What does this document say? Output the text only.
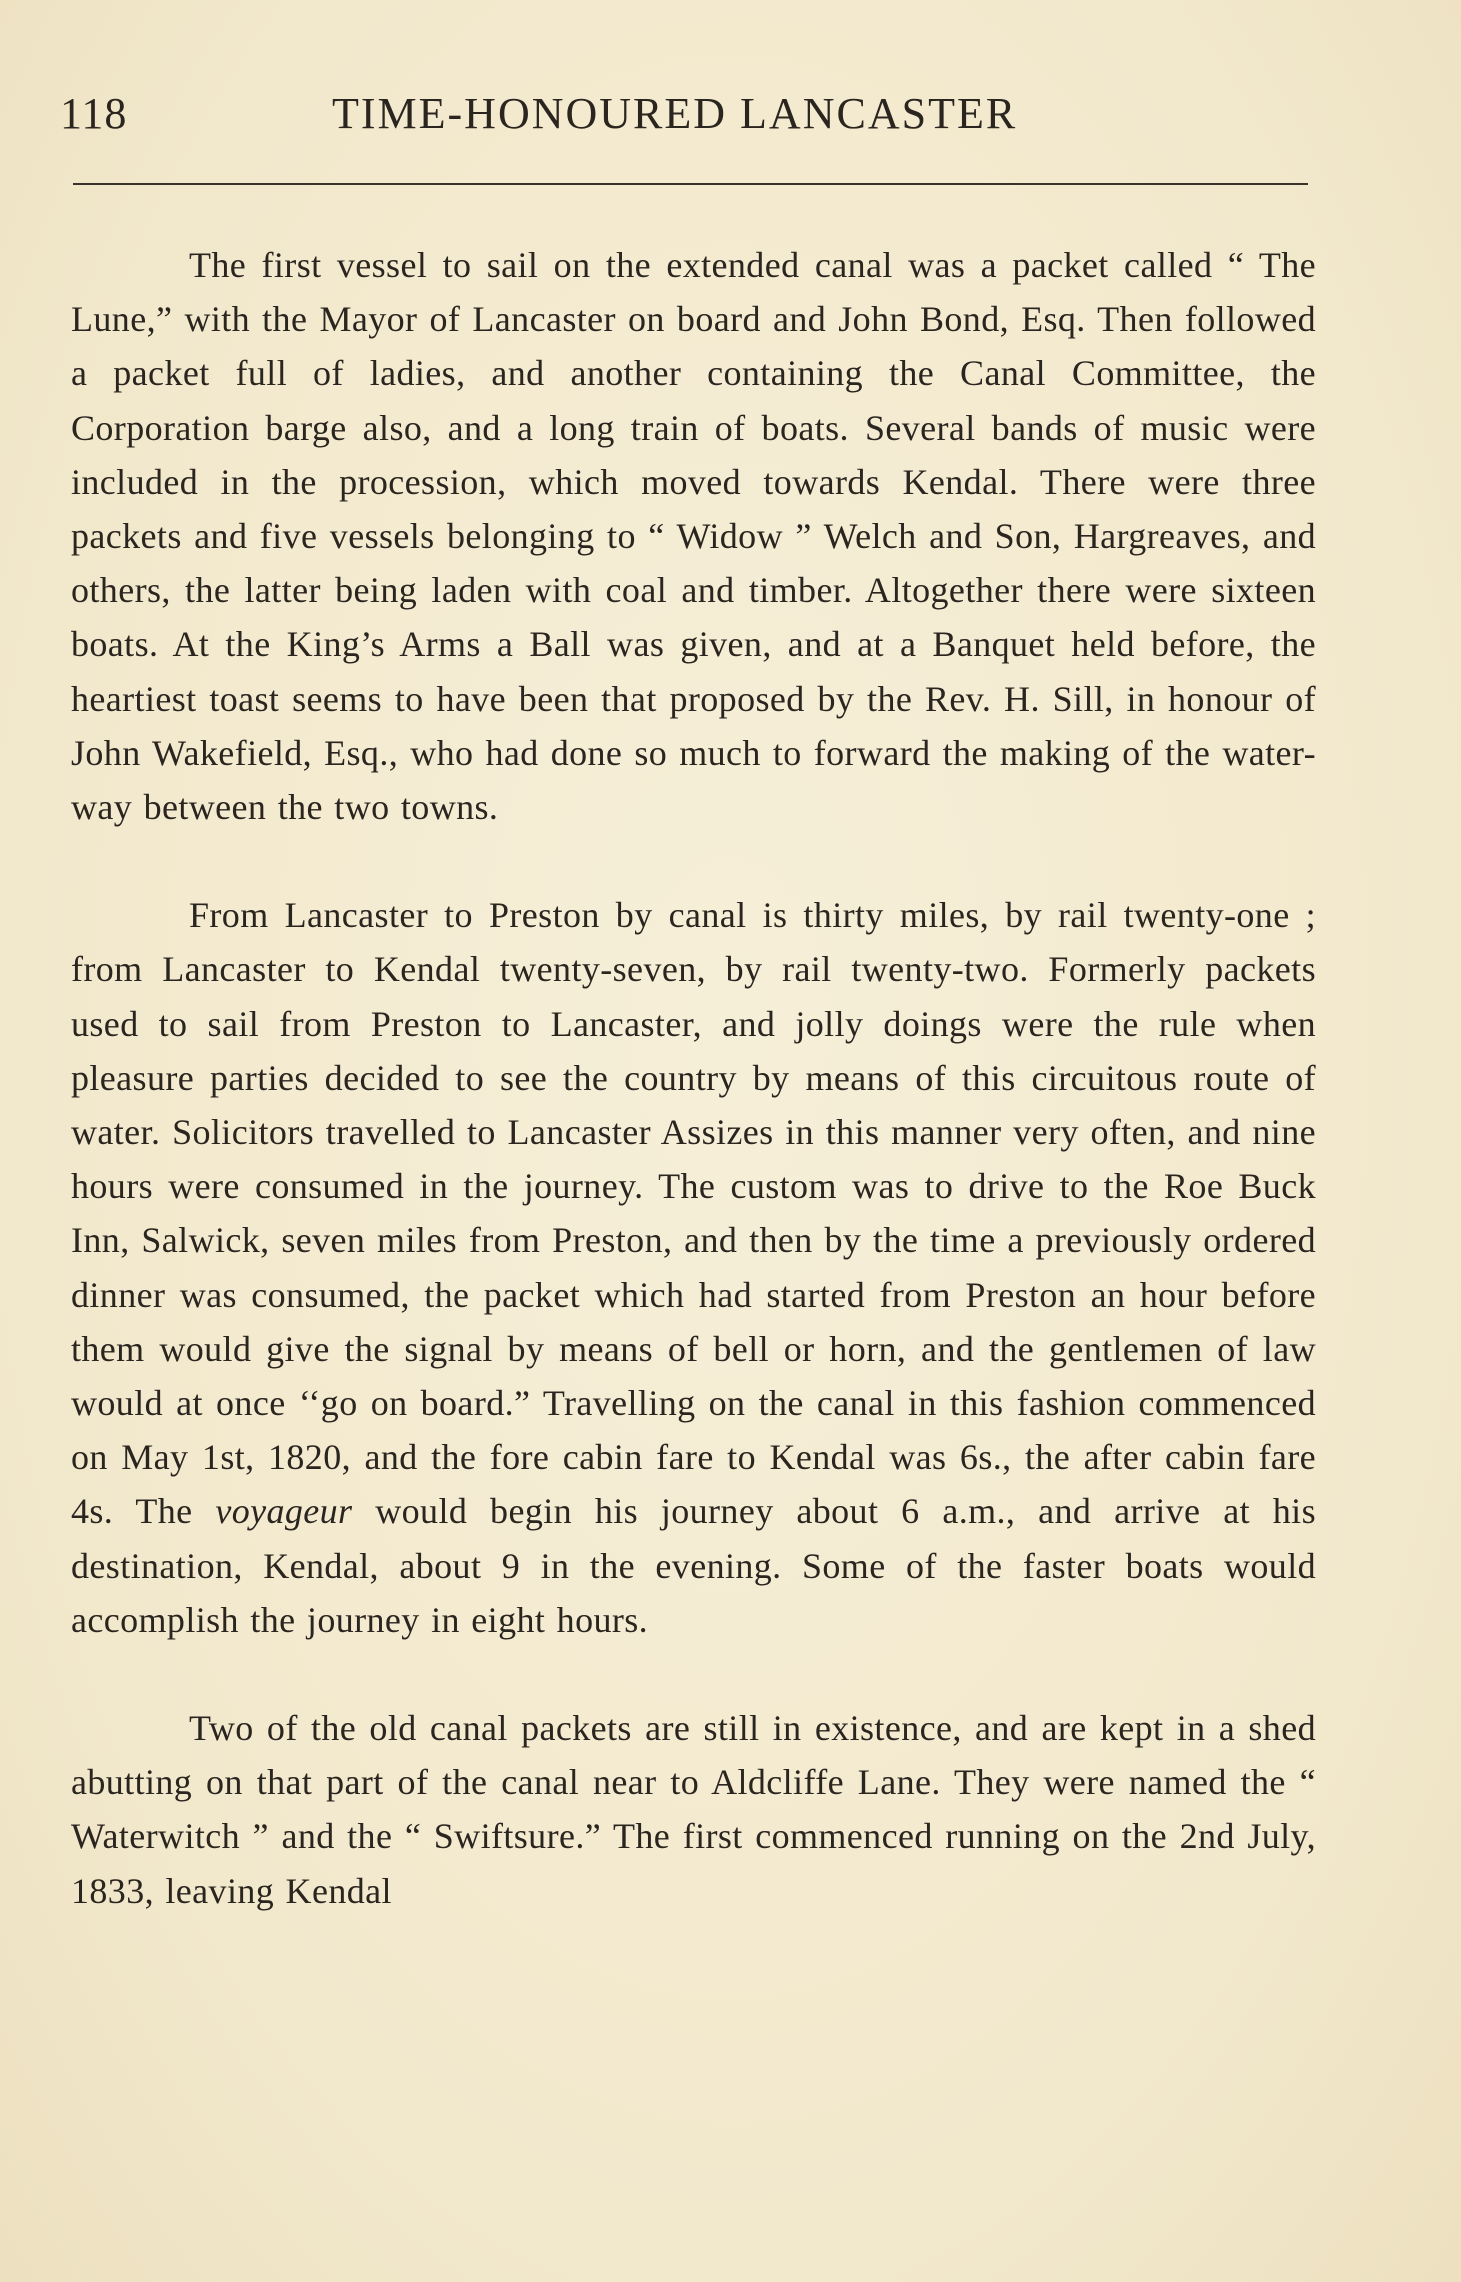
118	TIME-HONOURED LANCASTER

The first vessel to sail on the extended canal was a packet called “ The Lune,” with the Mayor of Lancaster on board and John Bond, Esq. Then followed a packet full of ladies, and another containing the Canal Committee, the Corporation barge also, and a long train of boats. Several bands of music were included in the procession, which moved towards Kendal. There were three packets and five vessels belonging to “ Widow ” Welch and Son, Hargreaves, and others, the latter being laden with coal and timber. Altogether there were sixteen boats. At the King’s Arms a Ball was given, and at a Banquet held before, the heartiest toast seems to have been that proposed by the Rev. H. Sill, in honour of John Wakefield, Esq., who had done so much to forward the making of the water-way between the two towns.

From Lancaster to Preston by canal is thirty miles, by rail twenty-one ; from Lancaster to Kendal twenty-seven, by rail twenty-two. Formerly packets used to sail from Preston to Lancaster, and jolly doings were the rule when pleasure parties decided to see the country by means of this circuitous route of water. Solicitors travelled to Lancaster Assizes in this manner very often, and nine hours were consumed in the journey. The custom was to drive to the Roe Buck Inn, Salwick, seven miles from Preston, and then by the time a previously ordered dinner was consumed, the packet which had started from Preston an hour before them would give the signal by means of bell or horn, and the gentlemen of law would at once ‘‘go on board.” Travelling on the canal in this fashion commenced on May 1st, 1820, and the fore cabin fare to Kendal was 6s., the after cabin fare 4s. The voyageur would begin his journey about 6 a.m., and arrive at his destination, Kendal, about 9 in the evening. Some of the faster boats would accomplish the journey in eight hours.

Two of the old canal packets are still in existence, and are kept in a shed abutting on that part of the canal near to Aldcliffe Lane. They were named the “ Waterwitch ” and the “ Swiftsure.” The first commenced running on the 2nd July, 1833, leaving Kendal
